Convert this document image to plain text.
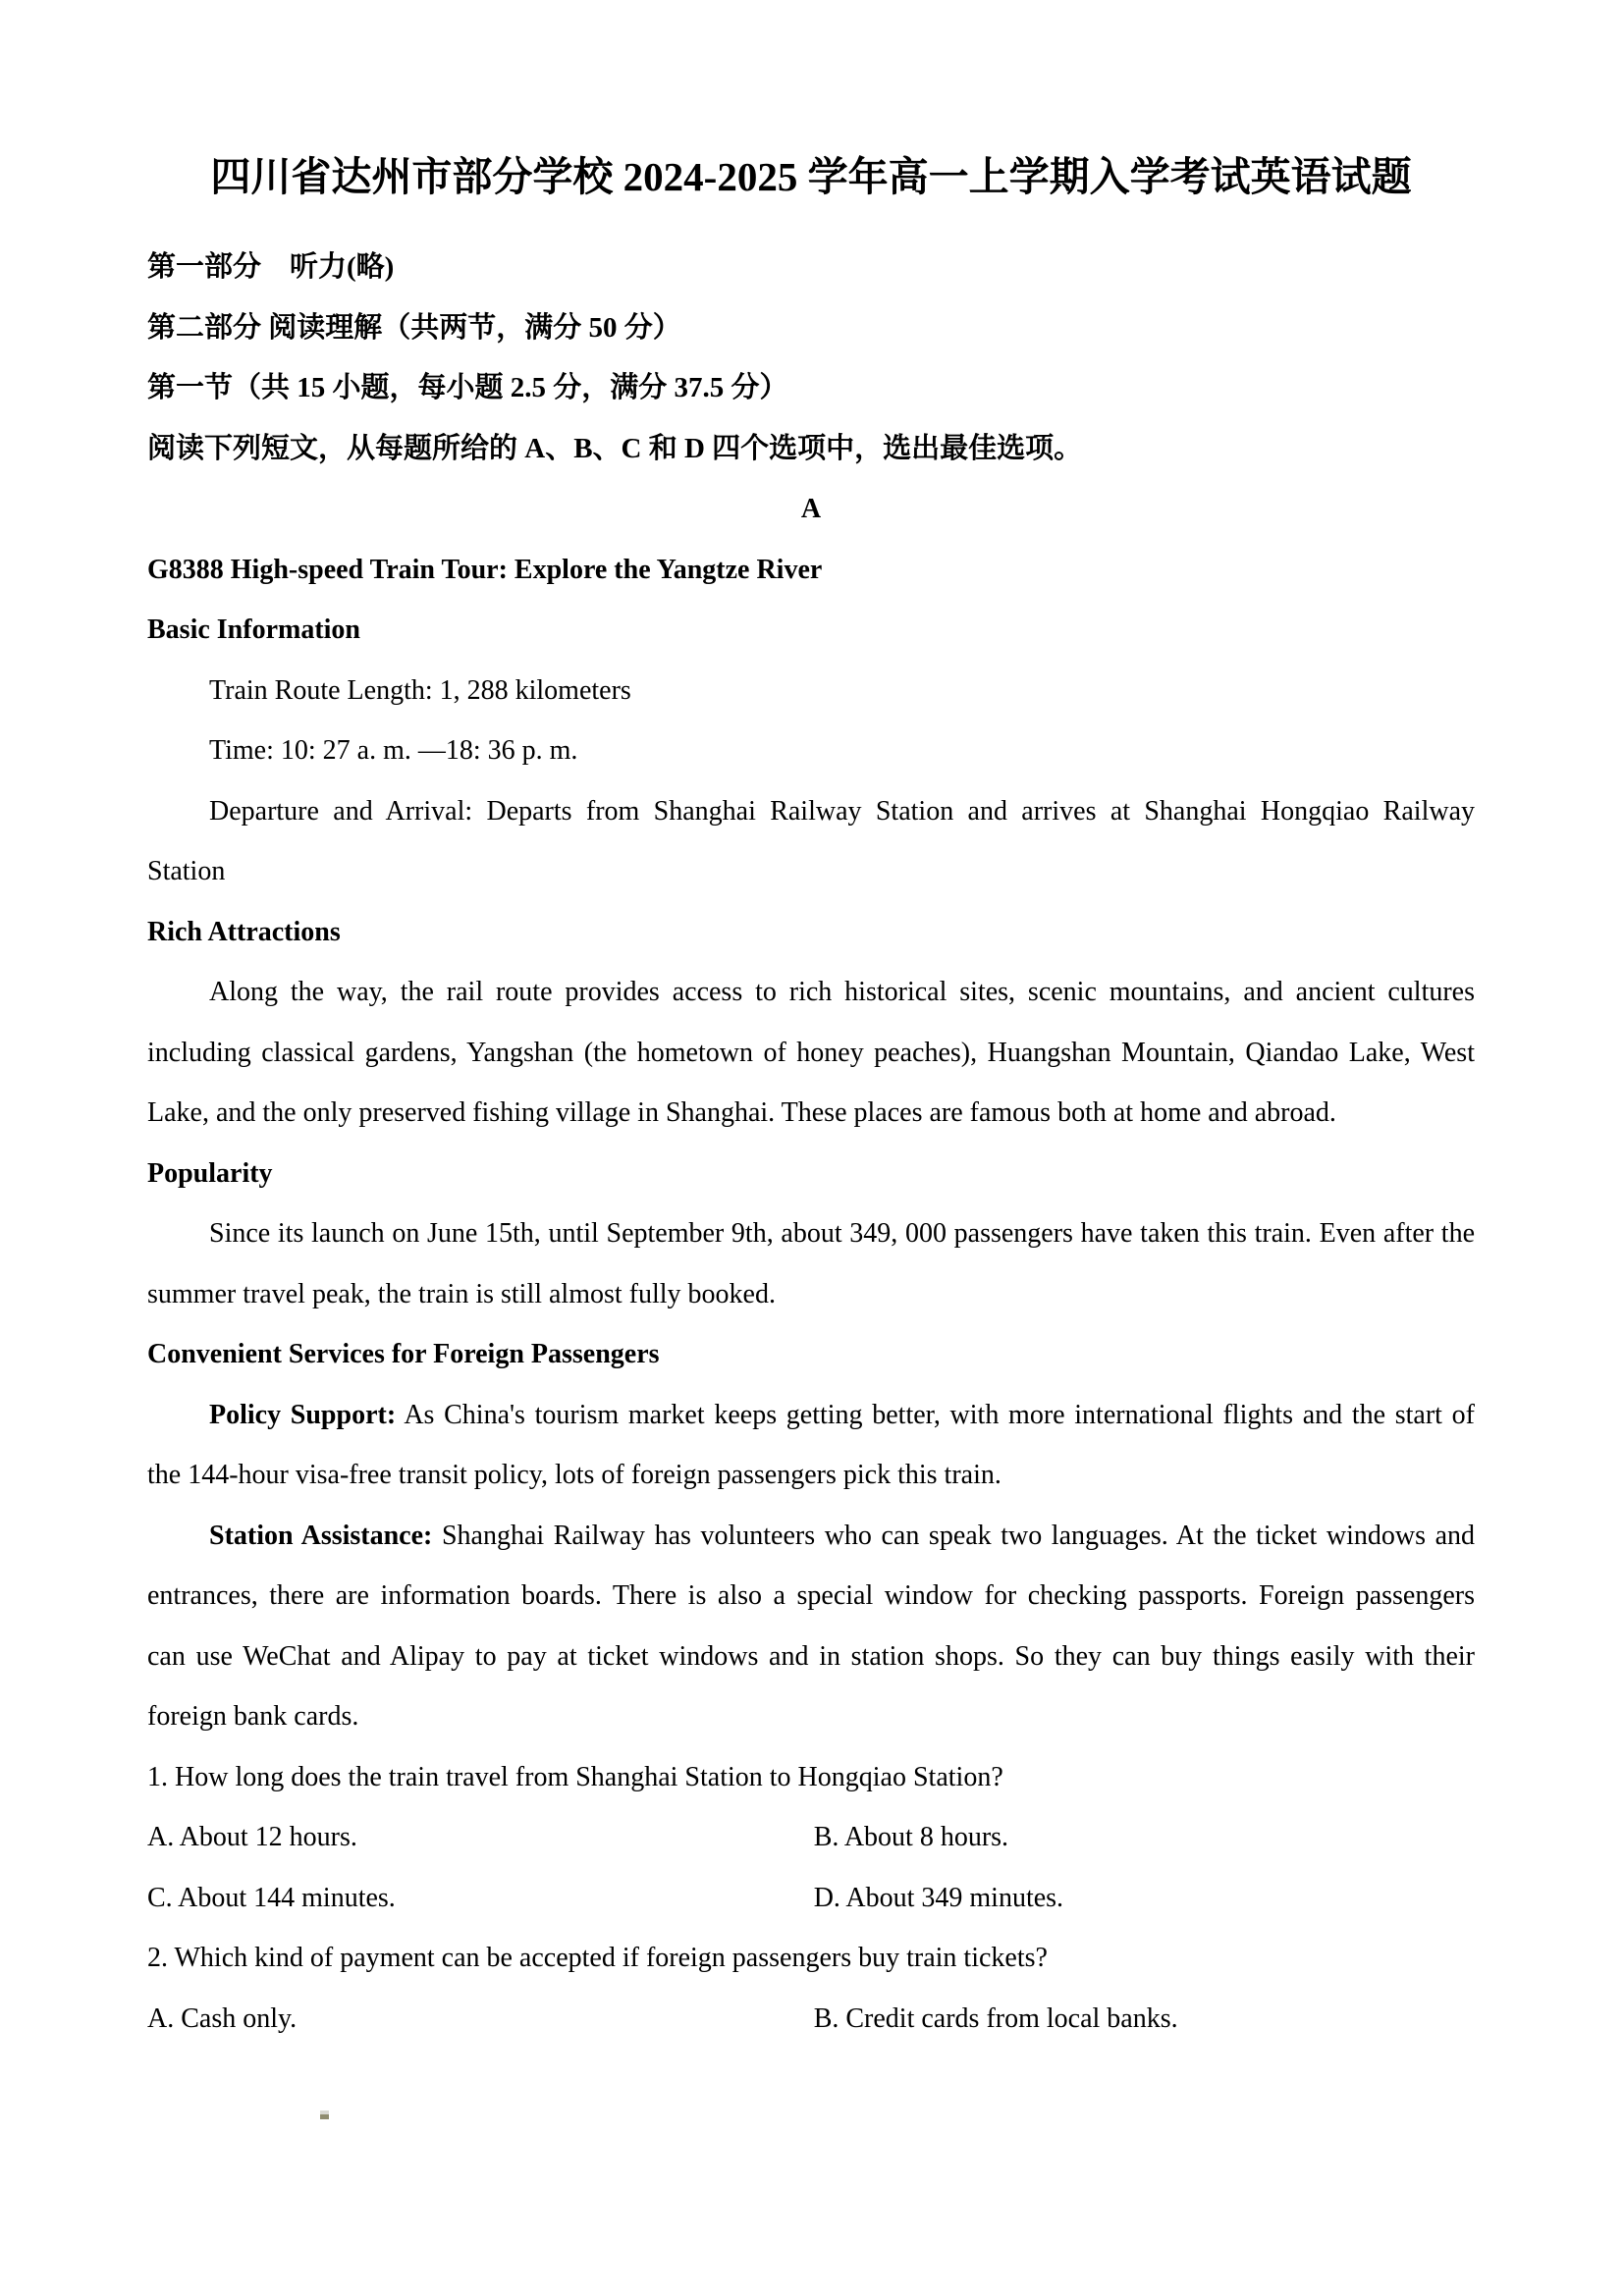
四川省达州市部分学校 2024-2025 学年高一上学期入学考试英语试题
第一部分　听力(略)
第二部分 阅读理解（共两节，满分 50 分）
第一节（共 15 小题，每小题 2.5 分，满分 37.5 分）
阅读下列短文，从每题所给的 A、B、C 和 D 四个选项中，选出最佳选项。
A
G8388 High-speed Train Tour: Explore the Yangtze River
Basic Information
Train Route Length: 1, 288 kilometers
Time: 10: 27 a. m. —18: 36 p. m.
Departure and Arrival: Departs from Shanghai Railway Station and arrives at Shanghai Hongqiao Railway
Station
Rich Attractions
Along the way, the rail route provides access to rich historical sites, scenic mountains, and ancient cultures
including classical gardens, Yangshan (the hometown of honey peaches), Huangshan Mountain, Qiandao Lake, West
Lake, and the only preserved fishing village in Shanghai. These places are famous both at home and abroad.
Popularity
Since its launch on June 15th, until September 9th, about 349, 000 passengers have taken this train. Even after the
summer travel peak, the train is still almost fully booked.
Convenient Services for Foreign Passengers
Policy Support: As China's tourism market keeps getting better, with more international flights and the start of
the 144-hour visa-free transit policy, lots of foreign passengers pick this train.
Station Assistance: Shanghai Railway has volunteers who can speak two languages. At the ticket windows and
entrances, there are information boards. There is also a special window for checking passports. Foreign passengers
can use WeChat and Alipay to pay at ticket windows and in station shops. So they can buy things easily with their
foreign bank cards.
1. How long does the train travel from Shanghai Station to Hongqiao Station?
A. About 12 hours.	B. About 8 hours.
C. About 144 minutes.	D. About 349 minutes.
2. Which kind of payment can be accepted if foreign passengers buy train tickets?
A. Cash only.	B. Credit cards from local banks.
